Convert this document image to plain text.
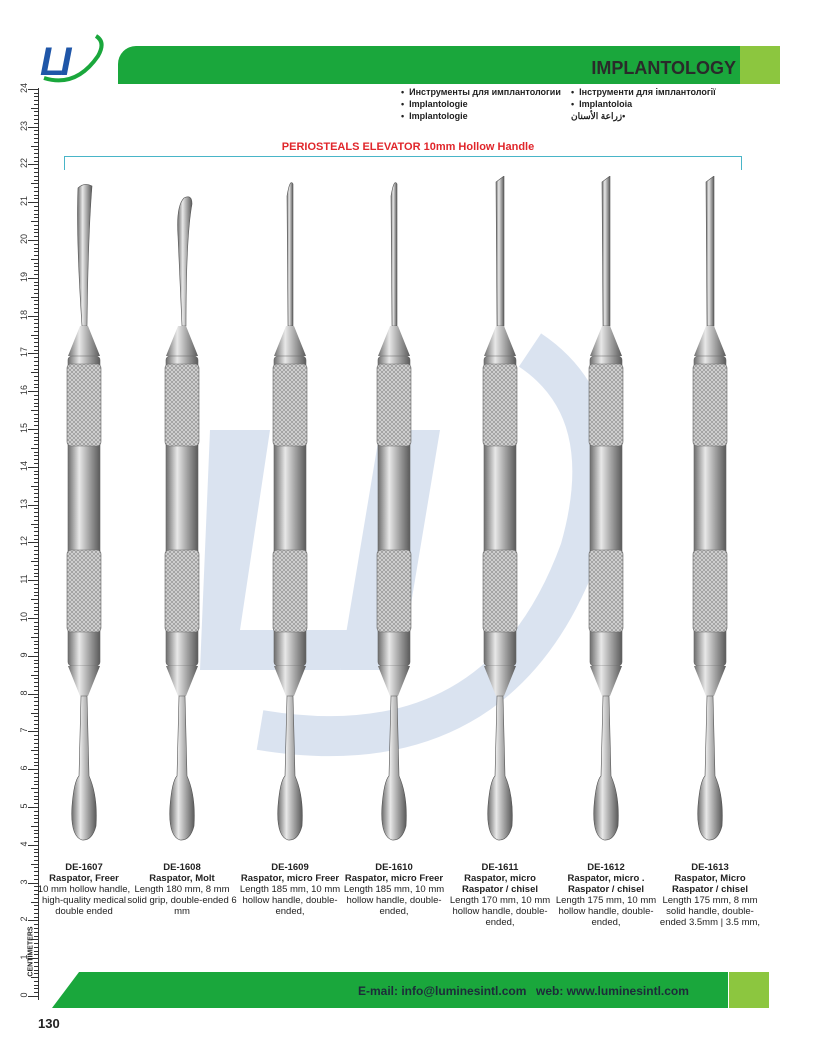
LI	IMPLANTOLOGY
• Инструменты для имплантологии
• Implantologie
• Implantologie
• Інструменти для імплантології
• Implantoloia
• زراعة الأسنان
0
1
2
3
4
5
6
7
8
9
10
11
12
13
14
15
16
17
18
19
20
21
22
23
24
CENTIMETERS
PERIOSTEALS ELEVATOR 10mm Hollow Handle
DE-1607
Raspator, Freer
10 mm hollow handle, high-quality medical double ended
DE-1608
Raspator, Molt
Length 180 mm, 8 mm solid grip, double-ended 6 mm
DE-1609
Raspator, micro Freer
Length 185 mm, 10 mm hollow handle, double-ended,
DE-1610
Raspator, micro Freer
Length 185 mm, 10 mm hollow handle, double-ended,
DE-1611
Raspator, micro Raspator / chisel
Length 170 mm, 10 mm hollow handle, double-ended,
DE-1612
Raspator, micro . Raspator / chisel
Length 175 mm, 10 mm hollow handle, double-ended,
DE-1613
Raspator, Micro Raspator / chisel
Length 175 mm, 8 mm solid handle, double-ended 3.5mm | 3.5 mm,
E-mail: info@luminesintl.com web: www.luminesintl.com
130
